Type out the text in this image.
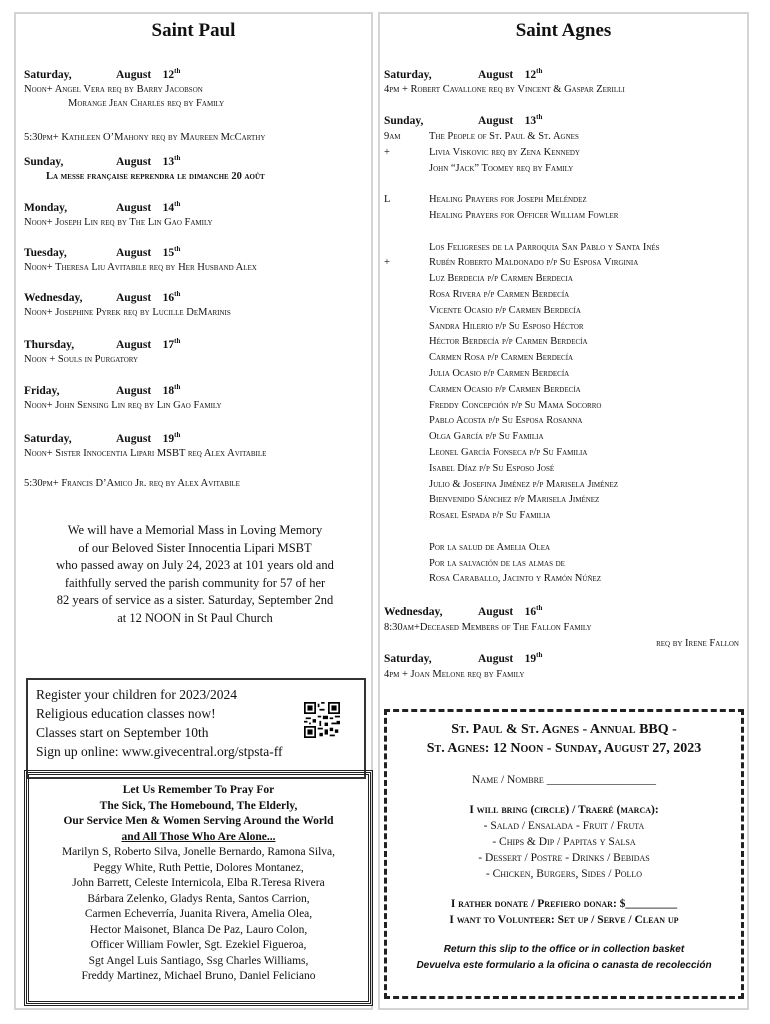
Saint Paul
Saturday,	August 12th
Noon+ Angel Vera req by Barry Jacobson
Morange Jean Charles req by Family
5:30pm+ Kathleen O’Mahony req by Maureen McCarthy
Sunday,	August 13th
La messe française reprendra le dimanche 20 août
Monday,	August 14th
Noon+ Joseph Lin req by The Lin Gao Family
Tuesday,	August 15th
Noon+ Theresa Liu Avitabile req by Her Husband Alex
Wednesday,	August 16th
Noon+ Josephine Pyrek req by Lucille DeMarinis
Thursday,	August 17th
Noon + Souls in Purgatory
Friday,	August 18th
Noon+ John Sensing Lin req by Lin Gao Family
Saturday,	August 19th
Noon+ Sister Innocentia Lipari MSBT req Alex Avitabile
5:30pm+ Francis D’Amico Jr. req by Alex Avitabile
We will have a Memorial Mass in Loving Memory
of our Beloved Sister Innocentia Lipari MSBT
who passed away on July 24, 2023 at 101 years old and
faithfully served the parish community for 57 of her
82 years of service as a sister. Saturday, September 2nd
at 12 NOON in St Paul Church
Register your children for 2023/2024
Religious education classes now!
Classes start on September 10th
Sign up online: www.givecentral.org/stpsta-ff
Let Us Remember To Pray For
The Sick, The Homebound, The Elderly,
Our Service Men & Women Serving Around the World
and All Those Who Are Alone...
Marilyn S, Roberto Silva, Jonelle Bernardo, Ramona Silva,
Peggy White, Ruth Pettie, Dolores Montanez,
John Barrett, Celeste Internicola, Elba R.Teresa Rivera
Bárbara Zelenko, Gladys Renta, Santos Carrion,
Carmen Echeverría, Juanita Rivera, Amelia Olea,
Hector Maisonet, Blanca De Paz, Lauro Colon,
Officer William Fowler, Sgt. Ezekiel Figueroa,
Sgt Angel Luis Santiago, Ssg Charles Williams,
Freddy Martinez, Michael Bruno, Daniel Feliciano
Saint Agnes
Saturday,	August 12th
4pm + Robert Cavallone req by Vincent & Gaspar Zerilli
Sunday,	August 13th
9am	The People of St. Paul & St. Agnes
+	Livia Viskovic req by Zena Kennedy
John “Jack” Toomey req by Family
L	Healing Prayers for Joseph Meléndez
Healing Prayers for Officer William Fowler
Los Feligreses de la Parroquia San Pablo y Santa Inés
+	Rubén Roberto Maldonado p/p Su Esposa Virginia
Luz Berdecia p/p Carmen Berdecia
Rosa Rivera p/p Carmen Berdecía
Vicente Ocasio p/p Carmen Berdecía
Sandra Hilerio p/p Su Esposo Héctor
Héctor Berdecía p/p Carmen Berdecía
Carmen Rosa p/p Carmen Berdecía
Julia Ocasio p/p Carmen Berdecía
Carmen Ocasio p/p Carmen Berdecía
Freddy Concepción p/p Su Mama Socorro
Pablo Acosta p/p Su Esposa Rosanna
Olga García p/p Su Familia
Leonel García Fonseca p/p Su Familia
Isabel Díaz p/p Su Esposo José
Julio & Josefina Jiménez p/p Marisela Jiménez
Bienvenido Sánchez p/p Marisela Jiménez
Rosael Espada p/p Su Familia
Por la salud de Amelia Olea
Por la salvación de las almas de
Rosa Caraballo, Jacinto y Ramón Núñez
Wednesday,	August 16th
8:30am+Deceased Members of The Fallon Family
req by Irene Fallon
Saturday,	August 19th
4pm + Joan Melone req by Family
St. Paul & St. Agnes - Annual BBQ -
St. Agnes: 12 Noon - Sunday, August 27, 2023
Name / Nombre ___________________
I will bring (circle) / Traeré (marca):
- Salad / Ensalada - Fruit / Fruta
- Chips & Dip / Papitas y Salsa
- Dessert / Postre - Drinks / Bebidas
- Chicken, Burgers, Sides / Pollo
I rather donate / Prefiero donar: $_________
I want to Volunteer: Set up / Serve / Clean up
Return this slip to the office or in collection basket
Devuelva este formulario a la oficina o canasta de recolección
